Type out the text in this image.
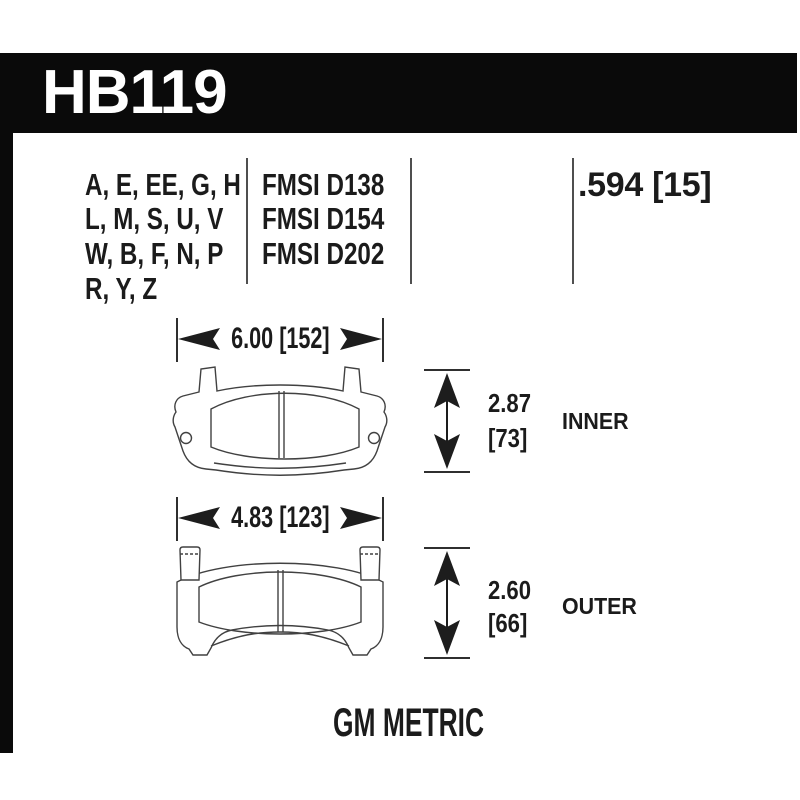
HB119
A, E, EE, G, H
L, M, S, U, V
W, B, F, N, P
R, Y, Z
FMSI D138
FMSI D154
FMSI D202
.594 [15]
6.00 [152]
2.87
[73]
INNER
4.83 [123]
2.60
[66]
OUTER
GM METRIC
